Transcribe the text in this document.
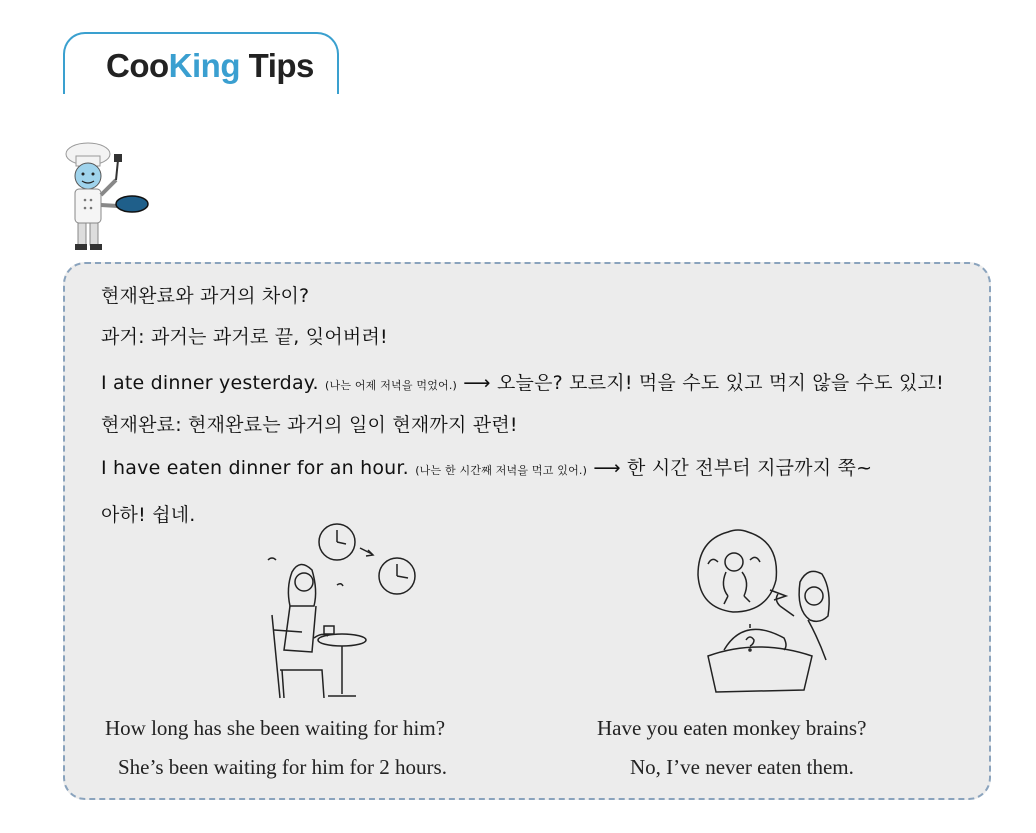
CooKing Tips
현재완료와 과거의 차이?
과거: 과거는 과거로 끝, 잊어버려!
I ate dinner yesterday. (나는 어제 저녁을 먹었어.) ⟶ 오늘은? 모르지! 먹을 수도 있고 먹지 않을 수도 있고!
현재완료: 현재완료는 과거의 일이 현재까지 관련!
I have eaten dinner for an hour. (나는 한 시간째 저녁을 먹고 있어.) ⟶ 한 시간 전부터 지금까지 쭉~
아하! 쉽네.
How long has she been waiting for him?
She’s been waiting for him for 2 hours.
Have you eaten monkey brains?
No, I’ve never eaten them.
